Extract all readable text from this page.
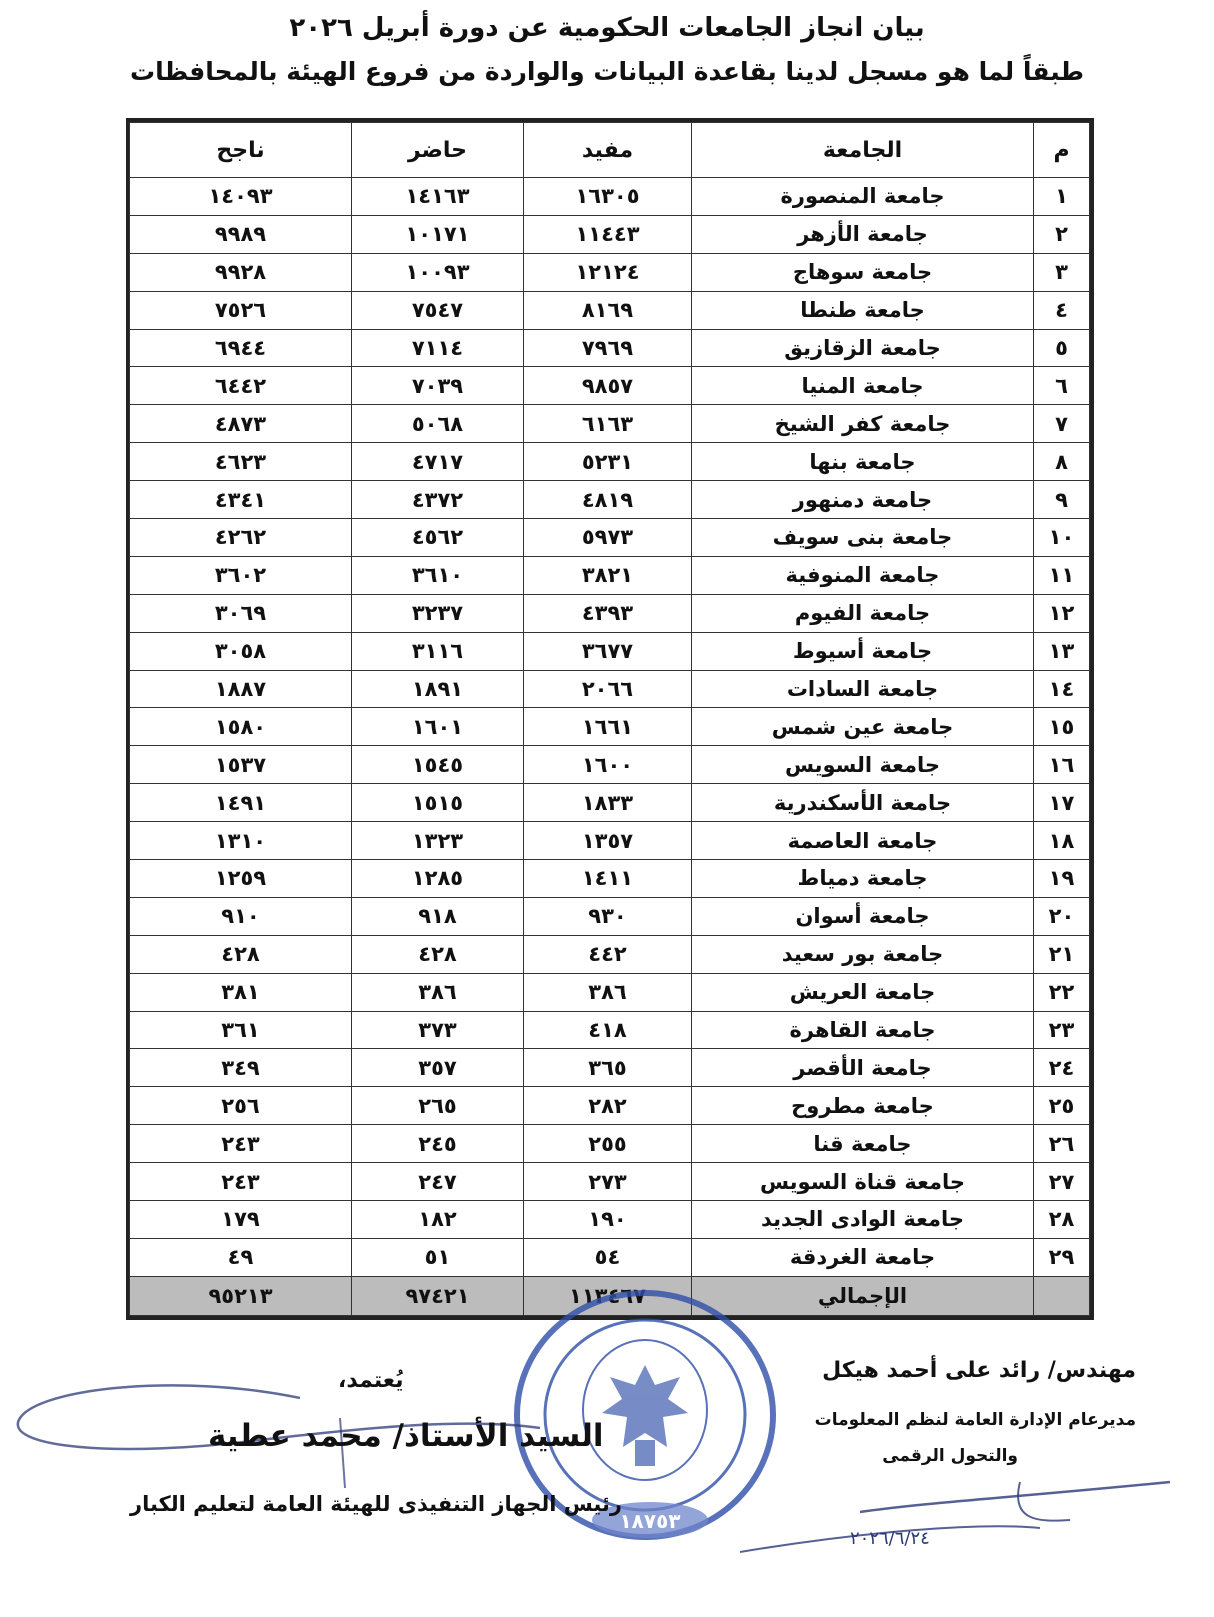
بيان انجاز الجامعات الحكومية عن دورة أبريل ٢٠٢٦

طبقاً لما هو مسجل لدينا بقاعدة البيانات والواردة من فروع الهيئة بالمحافظات

م	الجامعة	مفيد	حاضر	ناجح
١	جامعة المنصورة	١٦٣٠٥	١٤١٦٣	١٤٠٩٣
٢	جامعة الأزهر	١١٤٤٣	١٠١٧١	٩٩٨٩
٣	جامعة سوهاج	١٢١٢٤	١٠٠٩٣	٩٩٢٨
٤	جامعة طنطا	٨١٦٩	٧٥٤٧	٧٥٢٦
٥	جامعة الزقازيق	٧٩٦٩	٧١١٤	٦٩٤٤
٦	جامعة المنيا	٩٨٥٧	٧٠٣٩	٦٤٤٢
٧	جامعة كفر الشيخ	٦١٦٣	٥٠٦٨	٤٨٧٣
٨	جامعة بنها	٥٢٣١	٤٧١٧	٤٦٢٣
٩	جامعة دمنهور	٤٨١٩	٤٣٧٢	٤٣٤١
١٠	جامعة بنى سويف	٥٩٧٣	٤٥٦٢	٤٢٦٢
١١	جامعة المنوفية	٣٨٢١	٣٦١٠	٣٦٠٢
١٢	جامعة الفيوم	٤٣٩٣	٣٢٣٧	٣٠٦٩
١٣	جامعة أسيوط	٣٦٧٧	٣١١٦	٣٠٥٨
١٤	جامعة السادات	٢٠٦٦	١٨٩١	١٨٨٧
١٥	جامعة عين شمس	١٦٦١	١٦٠١	١٥٨٠
١٦	جامعة السويس	١٦٠٠	١٥٤٥	١٥٣٧
١٧	جامعة الأسكندرية	١٨٣٣	١٥١٥	١٤٩١
١٨	جامعة العاصمة	١٣٥٧	١٣٢٣	١٣١٠
١٩	جامعة دمياط	١٤١١	١٢٨٥	١٢٥٩
٢٠	جامعة أسوان	٩٣٠	٩١٨	٩١٠
٢١	جامعة بور سعيد	٤٤٢	٤٢٨	٤٢٨
٢٢	جامعة العريش	٣٨٦	٣٨٦	٣٨١
٢٣	جامعة القاهرة	٤١٨	٣٧٣	٣٦١
٢٤	جامعة الأقصر	٣٦٥	٣٥٧	٣٤٩
٢٥	جامعة مطروح	٢٨٢	٢٦٥	٢٥٦
٢٦	جامعة قنا	٢٥٥	٢٤٥	٢٤٣
٢٧	جامعة قناة السويس	٢٧٣	٢٤٧	٢٤٣
٢٨	جامعة الوادى الجديد	١٩٠	١٨٢	١٧٩
٢٩	جامعة الغردقة	٥٤	٥١	٤٩
	الإجمالي	١١٣٤٦٧	٩٧٤٢١	٩٥٢١٣
١٨٧٥٣
٢٠٢٦/٦/٢٤
يُعتمد،
السيد الأستاذ/ محمد عطية
رئيس الجهاز التنفيذى للهيئة العامة لتعليم الكبار
مهندس/ رائد على أحمد هيكل
مديرعام الإدارة العامة لنظم المعلومات
والتحول الرقمى
